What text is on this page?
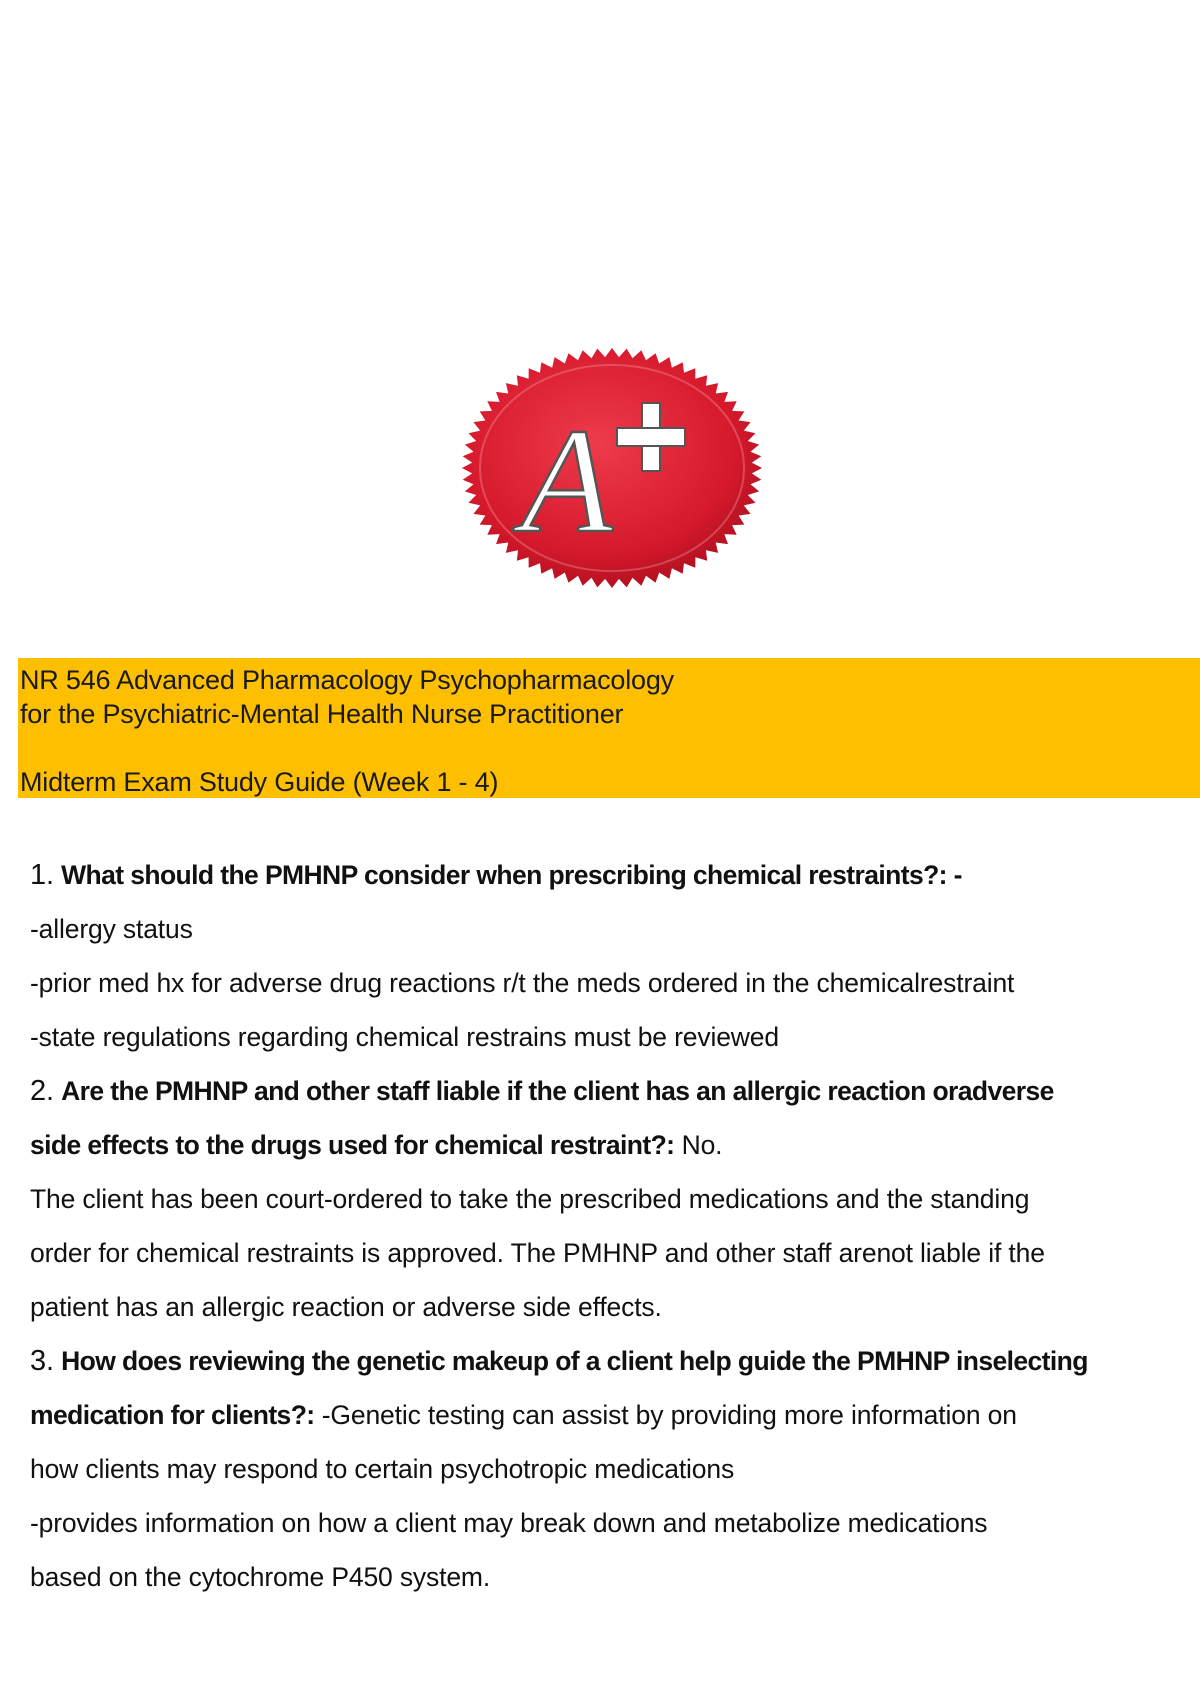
A
NR 546 Advanced Pharmacology Psychopharmacology
for the Psychiatric-Mental Health Nurse Practitioner
Midterm Exam Study Guide (Week 1 - 4)

1. What should the PMHNP consider when prescribing chemical restraints?: -

-allergy status

-prior med hx for adverse drug reactions r/t the meds ordered in the chemicalrestraint

-state regulations regarding chemical restrains must be reviewed

2. Are the PMHNP and other staff liable if the client has an allergic reaction oradverse

side effects to the drugs used for chemical restraint?: No.

The client has been court-ordered to take the prescribed medications and the standing

order for chemical restraints is approved. The PMHNP and other staff arenot liable if the

patient has an allergic reaction or adverse side effects.

3. How does reviewing the genetic makeup of a client help guide the PMHNP inselecting

medication for clients?: -Genetic testing can assist by providing more information on

how clients may respond to certain psychotropic medications

-provides information on how a client may break down and metabolize medications

based on the cytochrome P450 system.
